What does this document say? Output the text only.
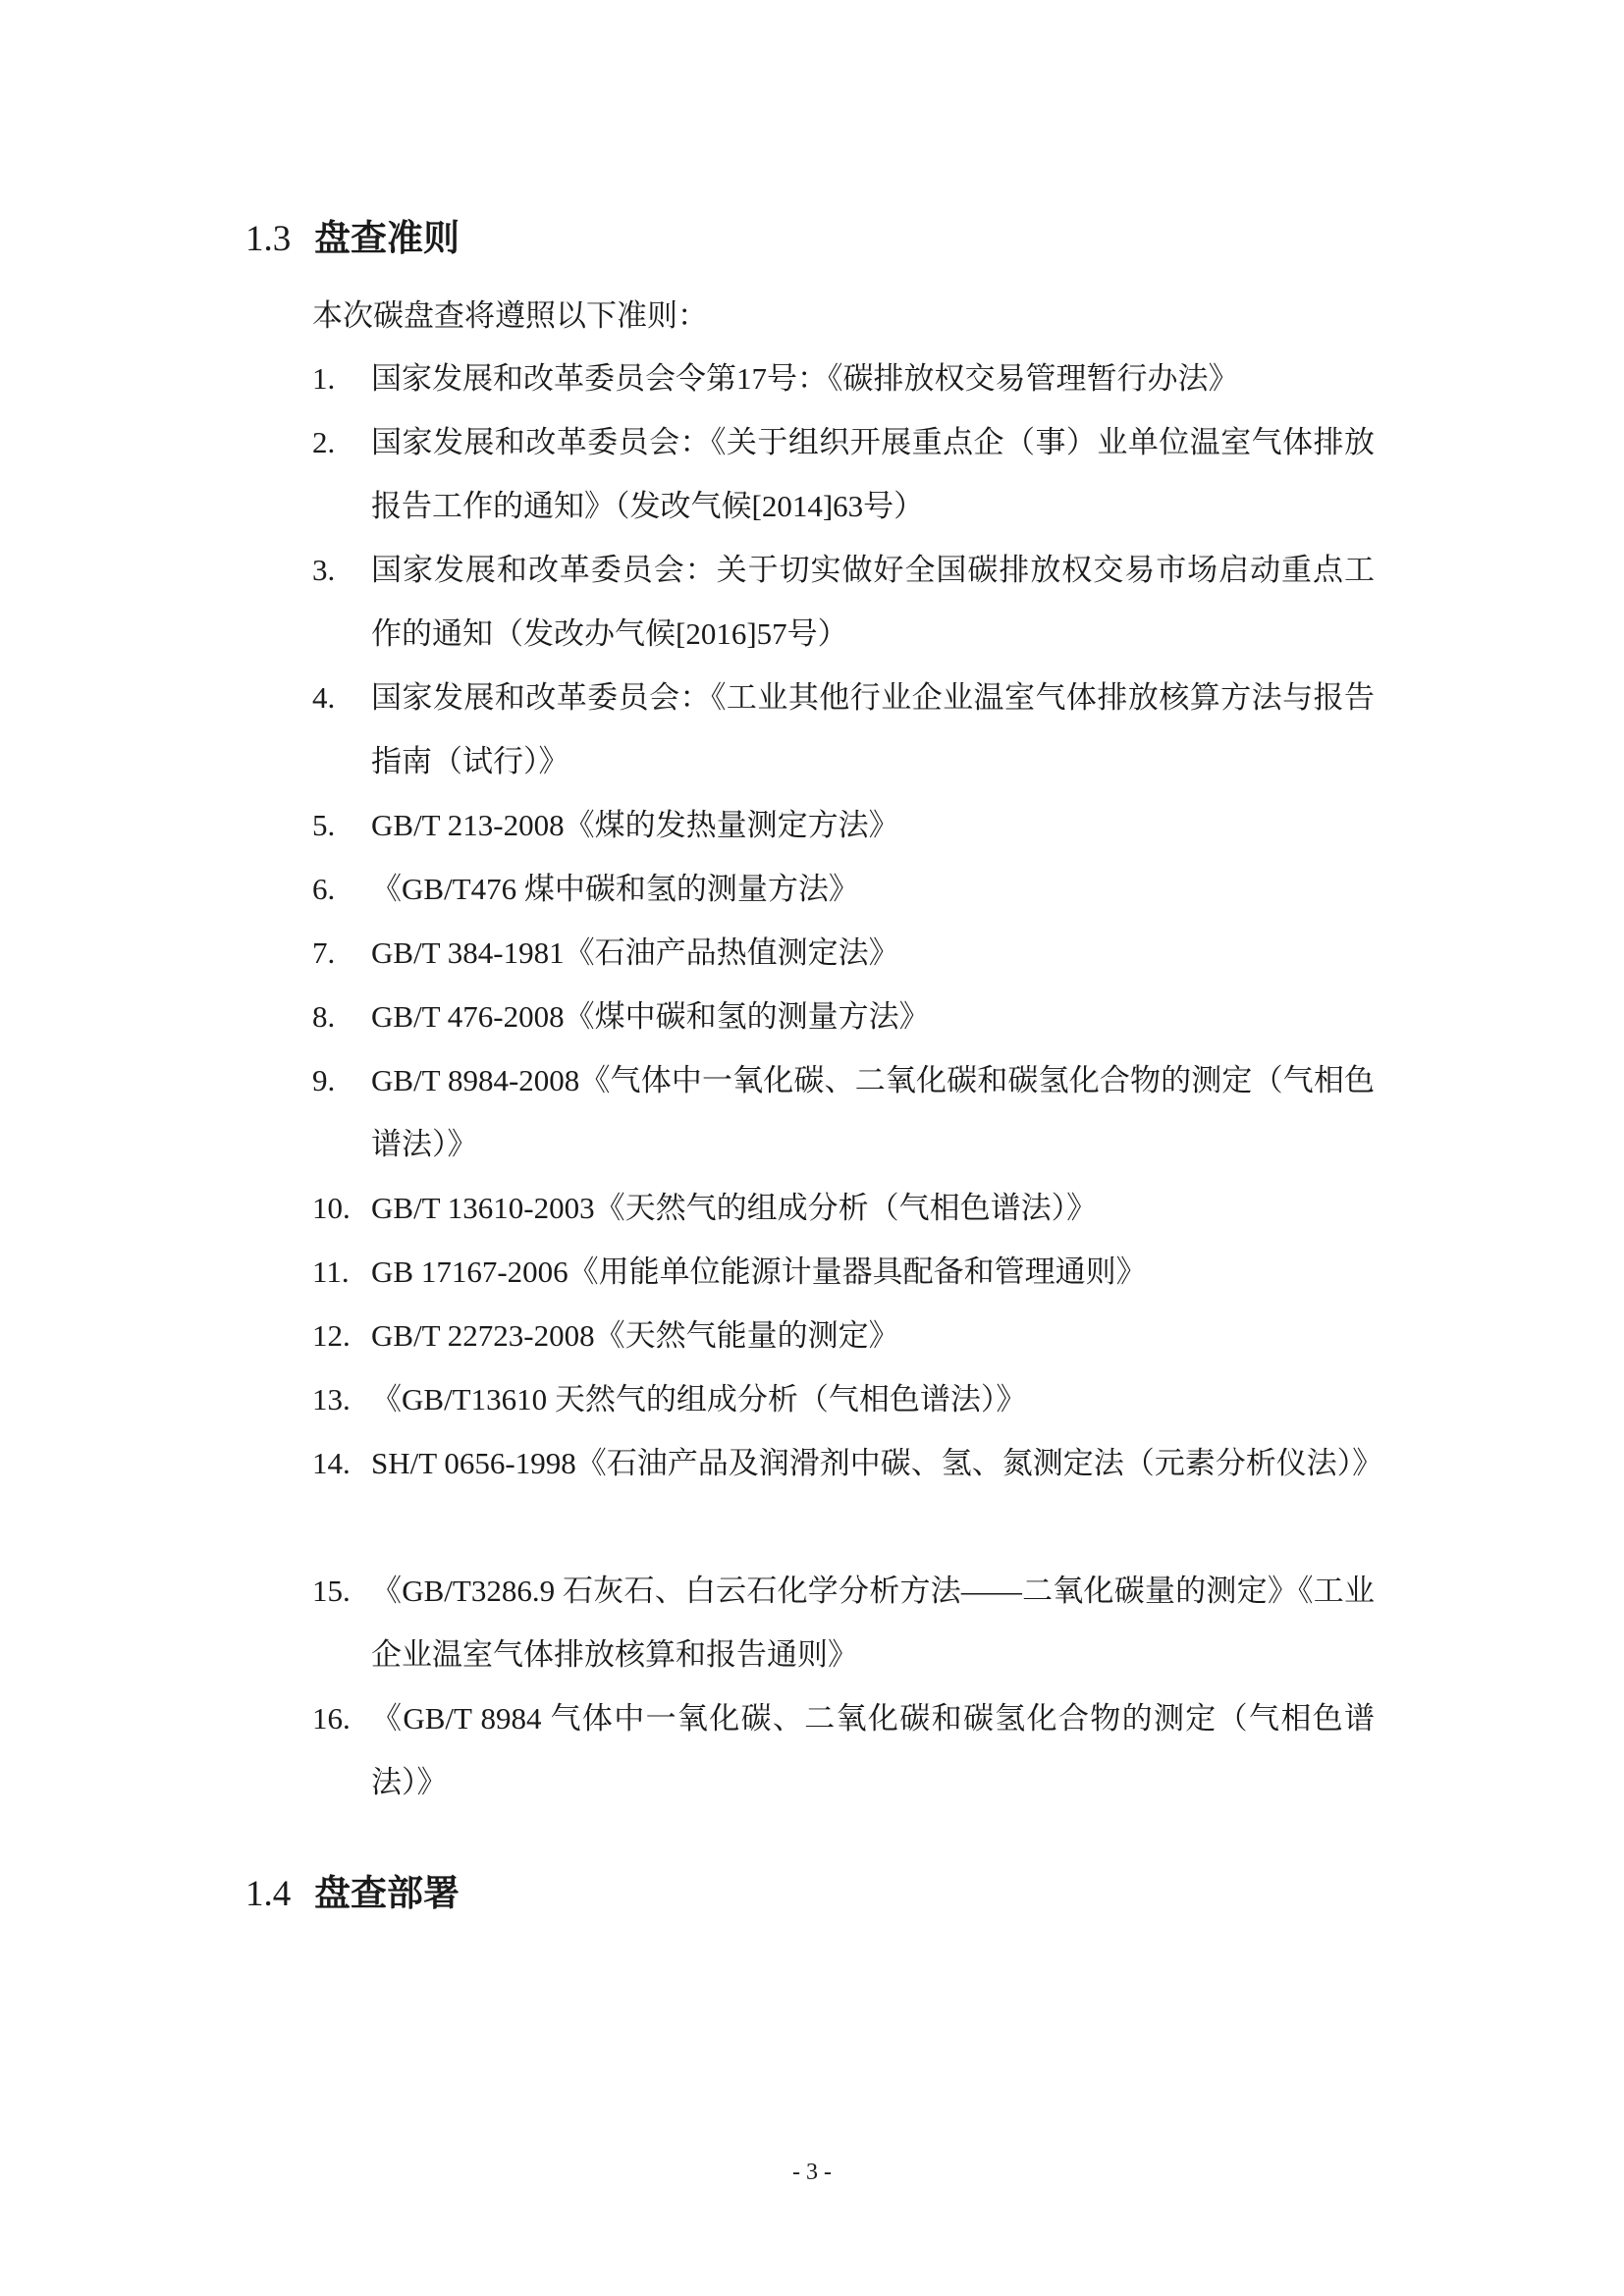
1.3 盘查准则

本次碳盘查将遵照以下准则：

1.	国家发展和改革委员会令第17号：《碳排放权交易管理暂行办法》
2.	国家发展和改革委员会：《关于组织开展重点企（事）业单位温室气体排放报告工作的通知》（发改气候[2014]63号）
3.	国家发展和改革委员会：关于切实做好全国碳排放权交易市场启动重点工作的通知（发改办气候[2016]57号）
4.	国家发展和改革委员会：《工业其他行业企业温室气体排放核算方法与报告指南（试行）》
5.	GB/T 213-2008《煤的发热量测定方法》
6.	《GB/T476 煤中碳和氢的测量方法》
7.	GB/T 384-1981《石油产品热值测定法》
8.	GB/T 476-2008《煤中碳和氢的测量方法》
9.	GB/T 8984-2008《气体中一氧化碳、二氧化碳和碳氢化合物的测定（气相色谱法）》
10. GB/T 13610-2003《天然气的组成分析（气相色谱法）》
11. GB 17167-2006《用能单位能源计量器具配备和管理通则》
12. GB/T 22723-2008《天然气能量的测定》
13. 《GB/T13610 天然气的组成分析（气相色谱法）》
14. SH/T 0656-1998《石油产品及润滑剂中碳、氢、氮测定法（元素分析仪法）》
15. 《GB/T3286.9 石灰石、白云石化学分析方法——二氧化碳量的测定》《工业企业温室气体排放核算和报告通则》
16. 《GB/T 8984 气体中一氧化碳、二氧化碳和碳氢化合物的测定（气相色谱 法）》
1.4 盘查部署

- 3 -
